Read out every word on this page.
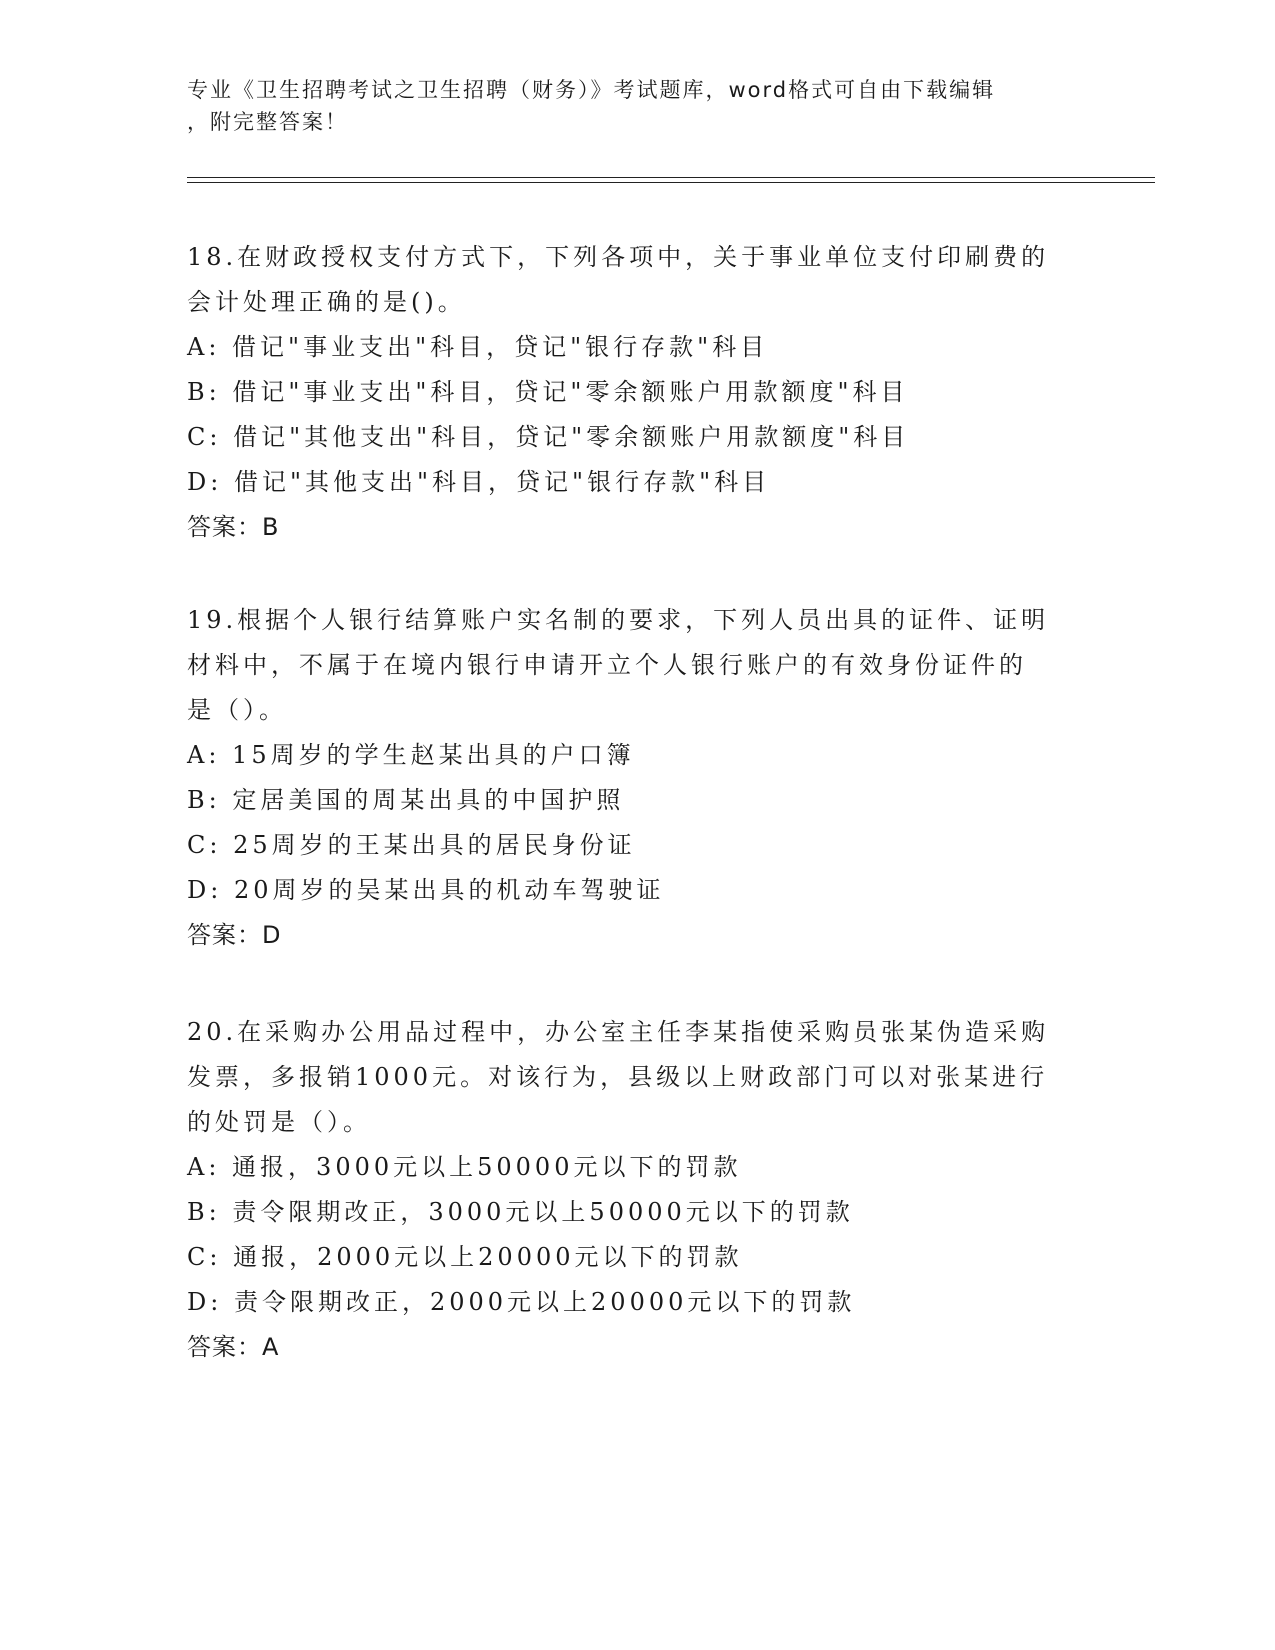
专业《卫生招聘考试之卫生招聘（财务）》考试题库，word格式可自由下载编辑
，附完整答案！
18.在财政授权支付方式下，下列各项中，关于事业单位支付印刷费的
会计处理正确的是()。
A: 借记"事业支出"科目，贷记"银行存款"科目
B: 借记"事业支出"科目，贷记"零余额账户用款额度"科目
C: 借记"其他支出"科目，贷记"零余额账户用款额度"科目
D: 借记"其他支出"科目，贷记"银行存款"科目
答案：B
19.根据个人银行结算账户实名制的要求，下列人员出具的证件、证明
材料中，不属于在境内银行申请开立个人银行账户的有效身份证件的
是（）。
A: 15周岁的学生赵某出具的户口簿
B: 定居美国的周某出具的中国护照
C: 25周岁的王某出具的居民身份证
D: 20周岁的吴某出具的机动车驾驶证
答案：D
20.在采购办公用品过程中，办公室主任李某指使采购员张某伪造采购
发票，多报销1000元。对该行为，县级以上财政部门可以对张某进行
的处罚是（）。
A: 通报，3000元以上50000元以下的罚款
B: 责令限期改正，3000元以上50000元以下的罚款
C: 通报，2000元以上20000元以下的罚款
D: 责令限期改正，2000元以上20000元以下的罚款
答案：A
